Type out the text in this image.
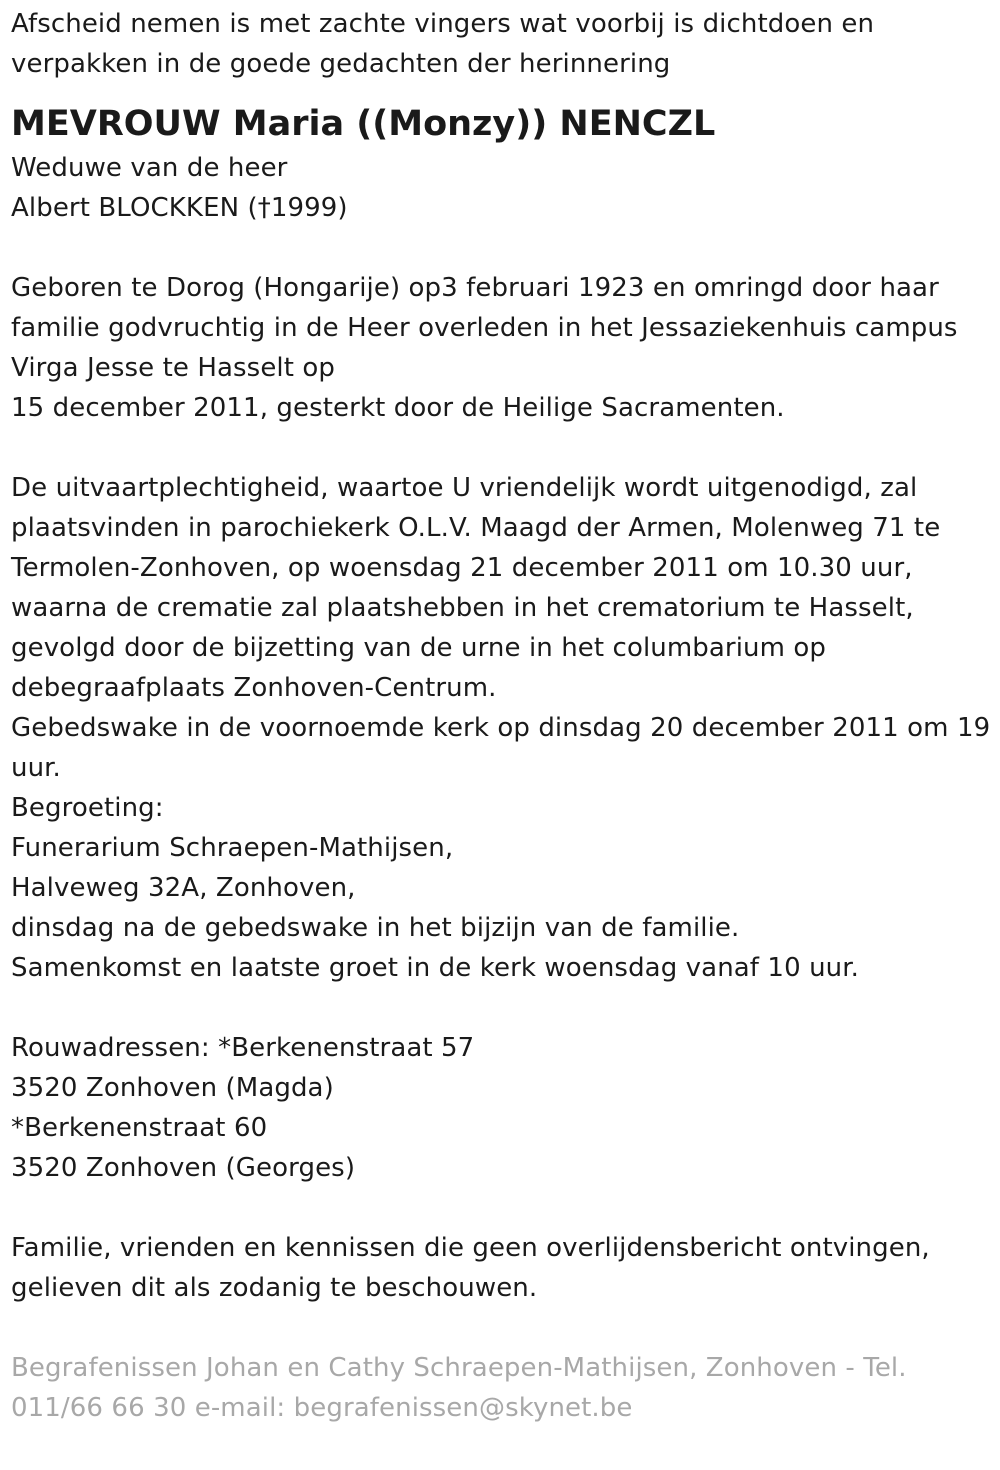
Afscheid nemen is met zachte vingers wat voorbij is dichtdoen en
verpakken in de goede gedachten der herinnering
MEVROUW Maria ((Monzy)) NENCZL
Weduwe van de heer
Albert BLOCKKEN (†1999)
Geboren te Dorog (Hongarije) op3 februari 1923 en omringd door haar
familie godvruchtig in de Heer overleden in het Jessaziekenhuis campus
Virga Jesse te Hasselt op
15 december 2011, gesterkt door de Heilige Sacramenten.
De uitvaartplechtigheid, waartoe U vriendelijk wordt uitgenodigd, zal
plaatsvinden in parochiekerk O.L.V. Maagd der Armen, Molenweg 71 te
Termolen-Zonhoven, op woensdag 21 december 2011 om 10.30 uur,
waarna de crematie zal plaatshebben in het crematorium te Hasselt,
gevolgd door de bijzetting van de urne in het columbarium op
debegraafplaats Zonhoven-Centrum.
Gebedswake in de voornoemde kerk op dinsdag 20 december 2011 om 19
uur.
Begroeting:
Funerarium Schraepen-Mathijsen,
Halveweg 32A, Zonhoven,
dinsdag na de gebedswake in het bijzijn van de familie.
Samenkomst en laatste groet in de kerk woensdag vanaf 10 uur.
Rouwadressen: *Berkenenstraat 57
3520 Zonhoven (Magda)
*Berkenenstraat 60
3520 Zonhoven (Georges)
Familie, vrienden en kennissen die geen overlijdensbericht ontvingen,
gelieven dit als zodanig te beschouwen.
Begrafenissen Johan en Cathy Schraepen-Mathijsen, Zonhoven - Tel.
011/66 66 30 e-mail: begrafenissen@skynet.be
